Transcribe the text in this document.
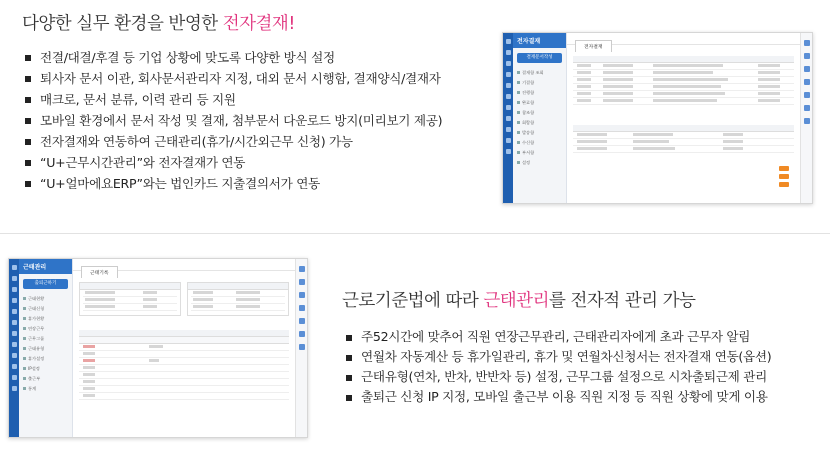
다양한 실무 환경을 반영한 전자결재!
전결/대결/후결 등 기업 상황에 맞도록 다양한 방식 설정
퇴사자 문서 이관, 회사문서관리자 지정, 대외 문서 시행함, 결재양식/결재자
매크로, 문서 분류, 이력 관리 등 지원
모바일 환경에서 문서 작성 및 결재, 첨부문서 다운로드 방지(미리보기 제공)
전자결재와 연동하여 근태관리(휴가/시간외근무 신청) 가능
“U+근무시간관리”와 전자결재가 연동
“U+얼마에요ERP”와는 법인카드 지출결의서가 연동
전자결재
결재문서작성
결재함 조회
기결함
진행함
완료함
참조함
회람함
발송함
수신함
부서함
설정
전자결재

근태관리
출퇴근하기
근태현황
근태신청
휴가현황
연장근무
근무그룹
근태유형
휴가설정
IP설정
출근부
통계
근태기록

근로기준법에 따라 근태관리를 전자적 관리 가능
주52시간에 맞추어 직원 연장근무관리, 근태관리자에게 초과 근무자 알림
연월차 자동계산 등 휴가일관리, 휴가 및 연월차신청서는 전자결재 연동(옵션)
근태유형(연차, 반차, 반반차 등) 설정, 근무그룹 설정으로 시차출퇴근제 관리
출퇴근 신청 IP 지정, 모바일 출근부 이용 직원 지정 등 직원 상황에 맞게 이용
